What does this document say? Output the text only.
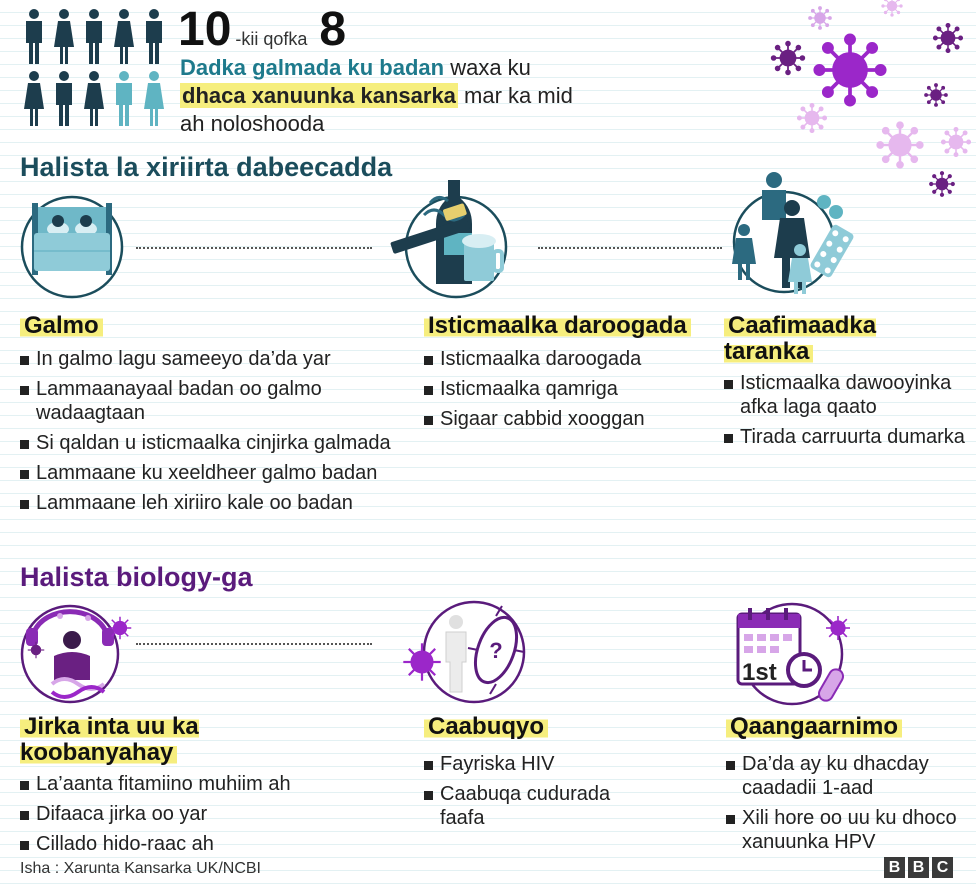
10 -kii qofka 8
Dadka galmada ku badan waxa ku dhaca xanuunka kansarka mar ka mid ah noloshooda
Halista la xiriirta dabeecadda
Galmo
In galmo lagu sameeyo da’da yar
Lammaanayaal badan oo galmo wadaagtaan
Si qaldan u isticmaalka cinjirka galmada
Lammaane ku xeeldheer galmo badan
Lammaane leh xiriiro kale oo badan
Isticmaalka daroogada
Isticmaalka daroogada
Isticmaalka qamriga
Sigaar cabbid xooggan
Caafimaadka taranka
Isticmaalka dawooyinka afka laga qaato
Tirada carruurta dumarka
Halista biology-ga
?
1st
Jirka inta uu ka koobanyahay
La’aanta fitamiino muhiim ah
Difaaca jirka oo yar
Cillado hido-raac ah
Caabuqyo
Fayriska HIV
Caabuqa cudurada faafa
Qaangaarnimo
Da’da ay ku dhacday caadadii 1-aad
Xili hore oo uu ku dhoco xanuunka HPV
Isha : Xarunta Kansarka UK/NCBI	B B C
